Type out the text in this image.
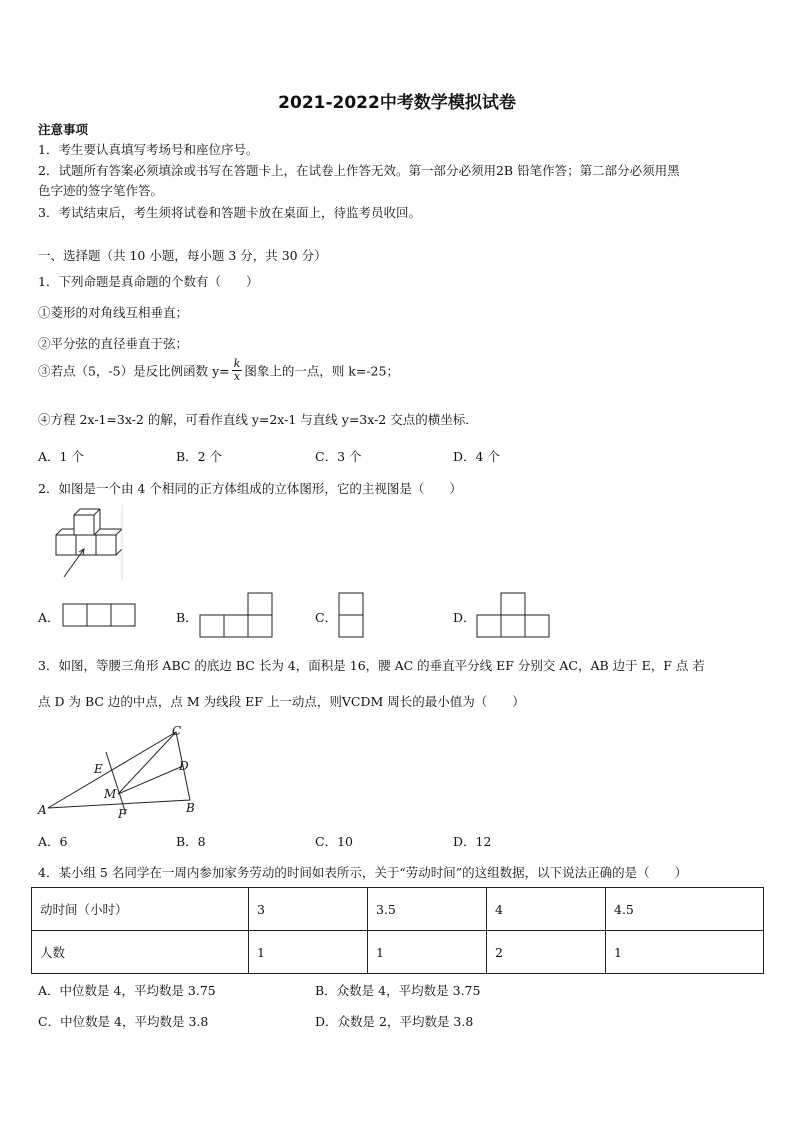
2021-2022中考数学模拟试卷
注意事项
1．考生要认真填写考场号和座位序号。
2．试题所有答案必须填涂或书写在答题卡上，在试卷上作答无效。第一部分必须用2B 铅笔作答；第二部分必须用黑
色字迹的签字笔作答。
3．考试结束后，考生须将试卷和答题卡放在桌面上，待监考员收回。
一、选择题（共 10 小题，每小题 3 分，共 30 分）
1．下列命题是真命题的个数有（　　）
①菱形的对角线互相垂直；
②平分弦的直径垂直于弦；
③若点（5，-5）是反比例函数 $y= \frac{k}{x}$ 图象上的一点，则 k=-25；
④方程 2x-1=3x-2 的解，可看作直线 y=2x-1 与直线 y=3x-2 交点的横坐标．
A．1 个	B．2 个	C．3 个	D．4 个
2．如图是一个由 4 个相同的正方体组成的立体图形，它的主视图是（　　）
A．	B．	C．	D．
3．如图，等腰三角形 ABC 的底边 BC 长为 4，面积是 16，腰 AC 的垂直平分线 EF 分别交 AC，AB 边于 E，F 点 若
点 D 为 BC 边的中点，点 M 为线段 EF 上一动点，则VCDM 周长的最小值为（　　）
A	B
C
D
E
F
M
A．6	B．8	C．10	D．12
4．某小组 5 名同学在一周内参加家务劳动的时间如表所示，关于“劳动时间”的这组数据，以下说法正确的是（　　）
动时间（小时）	3	3.5	4	4.5
人数	1	1	2	1
A．中位数是 4，平均数是 3.75	B．众数是 4，平均数是 3.75
C．中位数是 4，平均数是 3.8	D．众数是 2，平均数是 3.8
